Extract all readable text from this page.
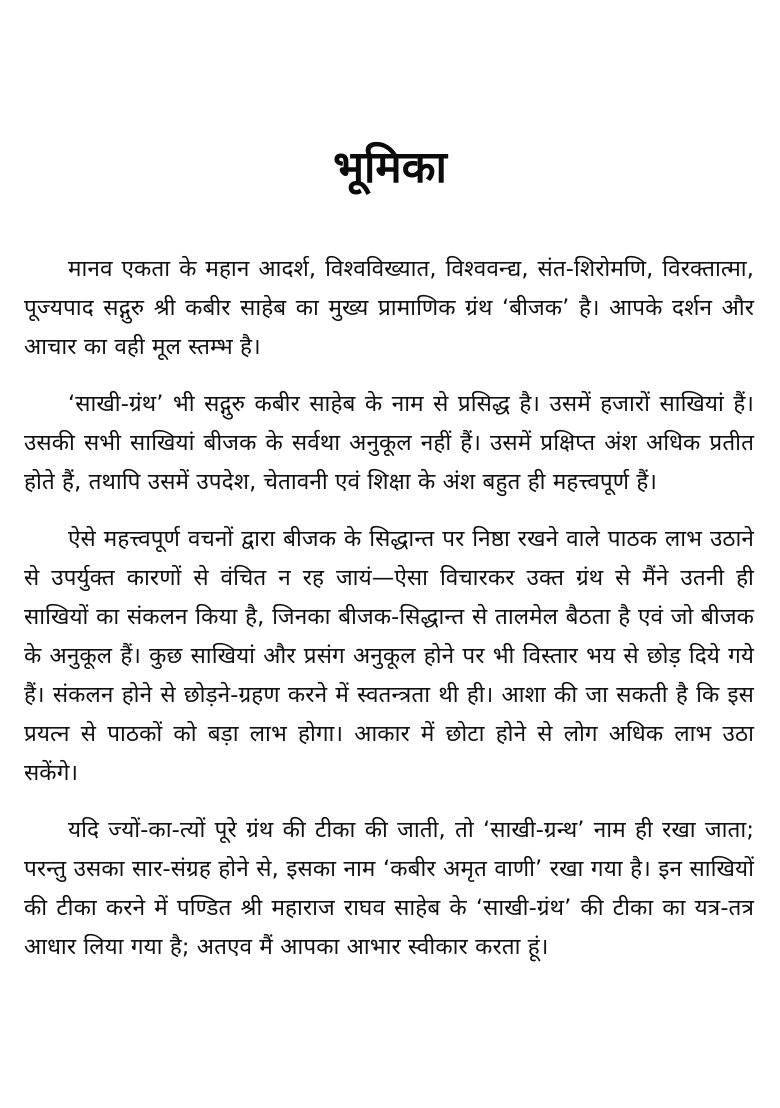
भूमिका

मानव एकता के महान आदर्श, विश्वविख्यात, विश्ववन्द्य, संत-शिरोमणि, विरक्तात्मा, पूज्यपाद सद्गुरु श्री कबीर साहेब का मुख्य प्रामाणिक ग्रंथ ‘बीजक’ है। आपके दर्शन और आचार का वही मूल स्तम्भ है।

‘साखी-ग्रंथ’ भी सद्गुरु कबीर साहेब के नाम से प्रसिद्ध है। उसमें हजारों साखियां हैं। उसकी सभी साखियां बीजक के सर्वथा अनुकूल नहीं हैं। उसमें प्रक्षिप्त अंश अधिक प्रतीत होते हैं, तथापि उसमें उपदेश, चेतावनी एवं शिक्षा के अंश बहुत ही महत्त्वपूर्ण हैं।

ऐसे महत्त्वपूर्ण वचनों द्वारा बीजक के सिद्धान्त पर निष्ठा रखने वाले पाठक लाभ उठाने से उपर्युक्त कारणों से वंचित न रह जायं—ऐसा विचारकर उक्त ग्रंथ से मैंने उतनी ही साखियों का संकलन किया है, जिनका बीजक-सिद्धान्त से तालमेल बैठता है एवं जो बीजक के अनुकूल हैं। कुछ साखियां और प्रसंग अनुकूल होने पर भी विस्तार भय से छोड़ दिये गये हैं। संकलन होने से छोड़ने-ग्रहण करने में स्वतन्त्रता थी ही। आशा की जा सकती है कि इस प्रयत्न से पाठकों को बड़ा लाभ होगा। आकार में छोटा होने से लोग अधिक लाभ उठा सकेंगे।

यदि ज्यों-का-त्यों पूरे ग्रंथ की टीका की जाती, तो ‘साखी-ग्रन्थ’ नाम ही रखा जाता; परन्तु उसका सार-संग्रह होने से, इसका नाम ‘कबीर अमृत वाणी’ रखा गया है। इन साखियों की टीका करने में पण्डित श्री महाराज राघव साहेब के ‘साखी-ग्रंथ’ की टीका का यत्र-तत्र आधार लिया गया है; अतएव मैं आपका आभार स्वीकार करता हूं।
